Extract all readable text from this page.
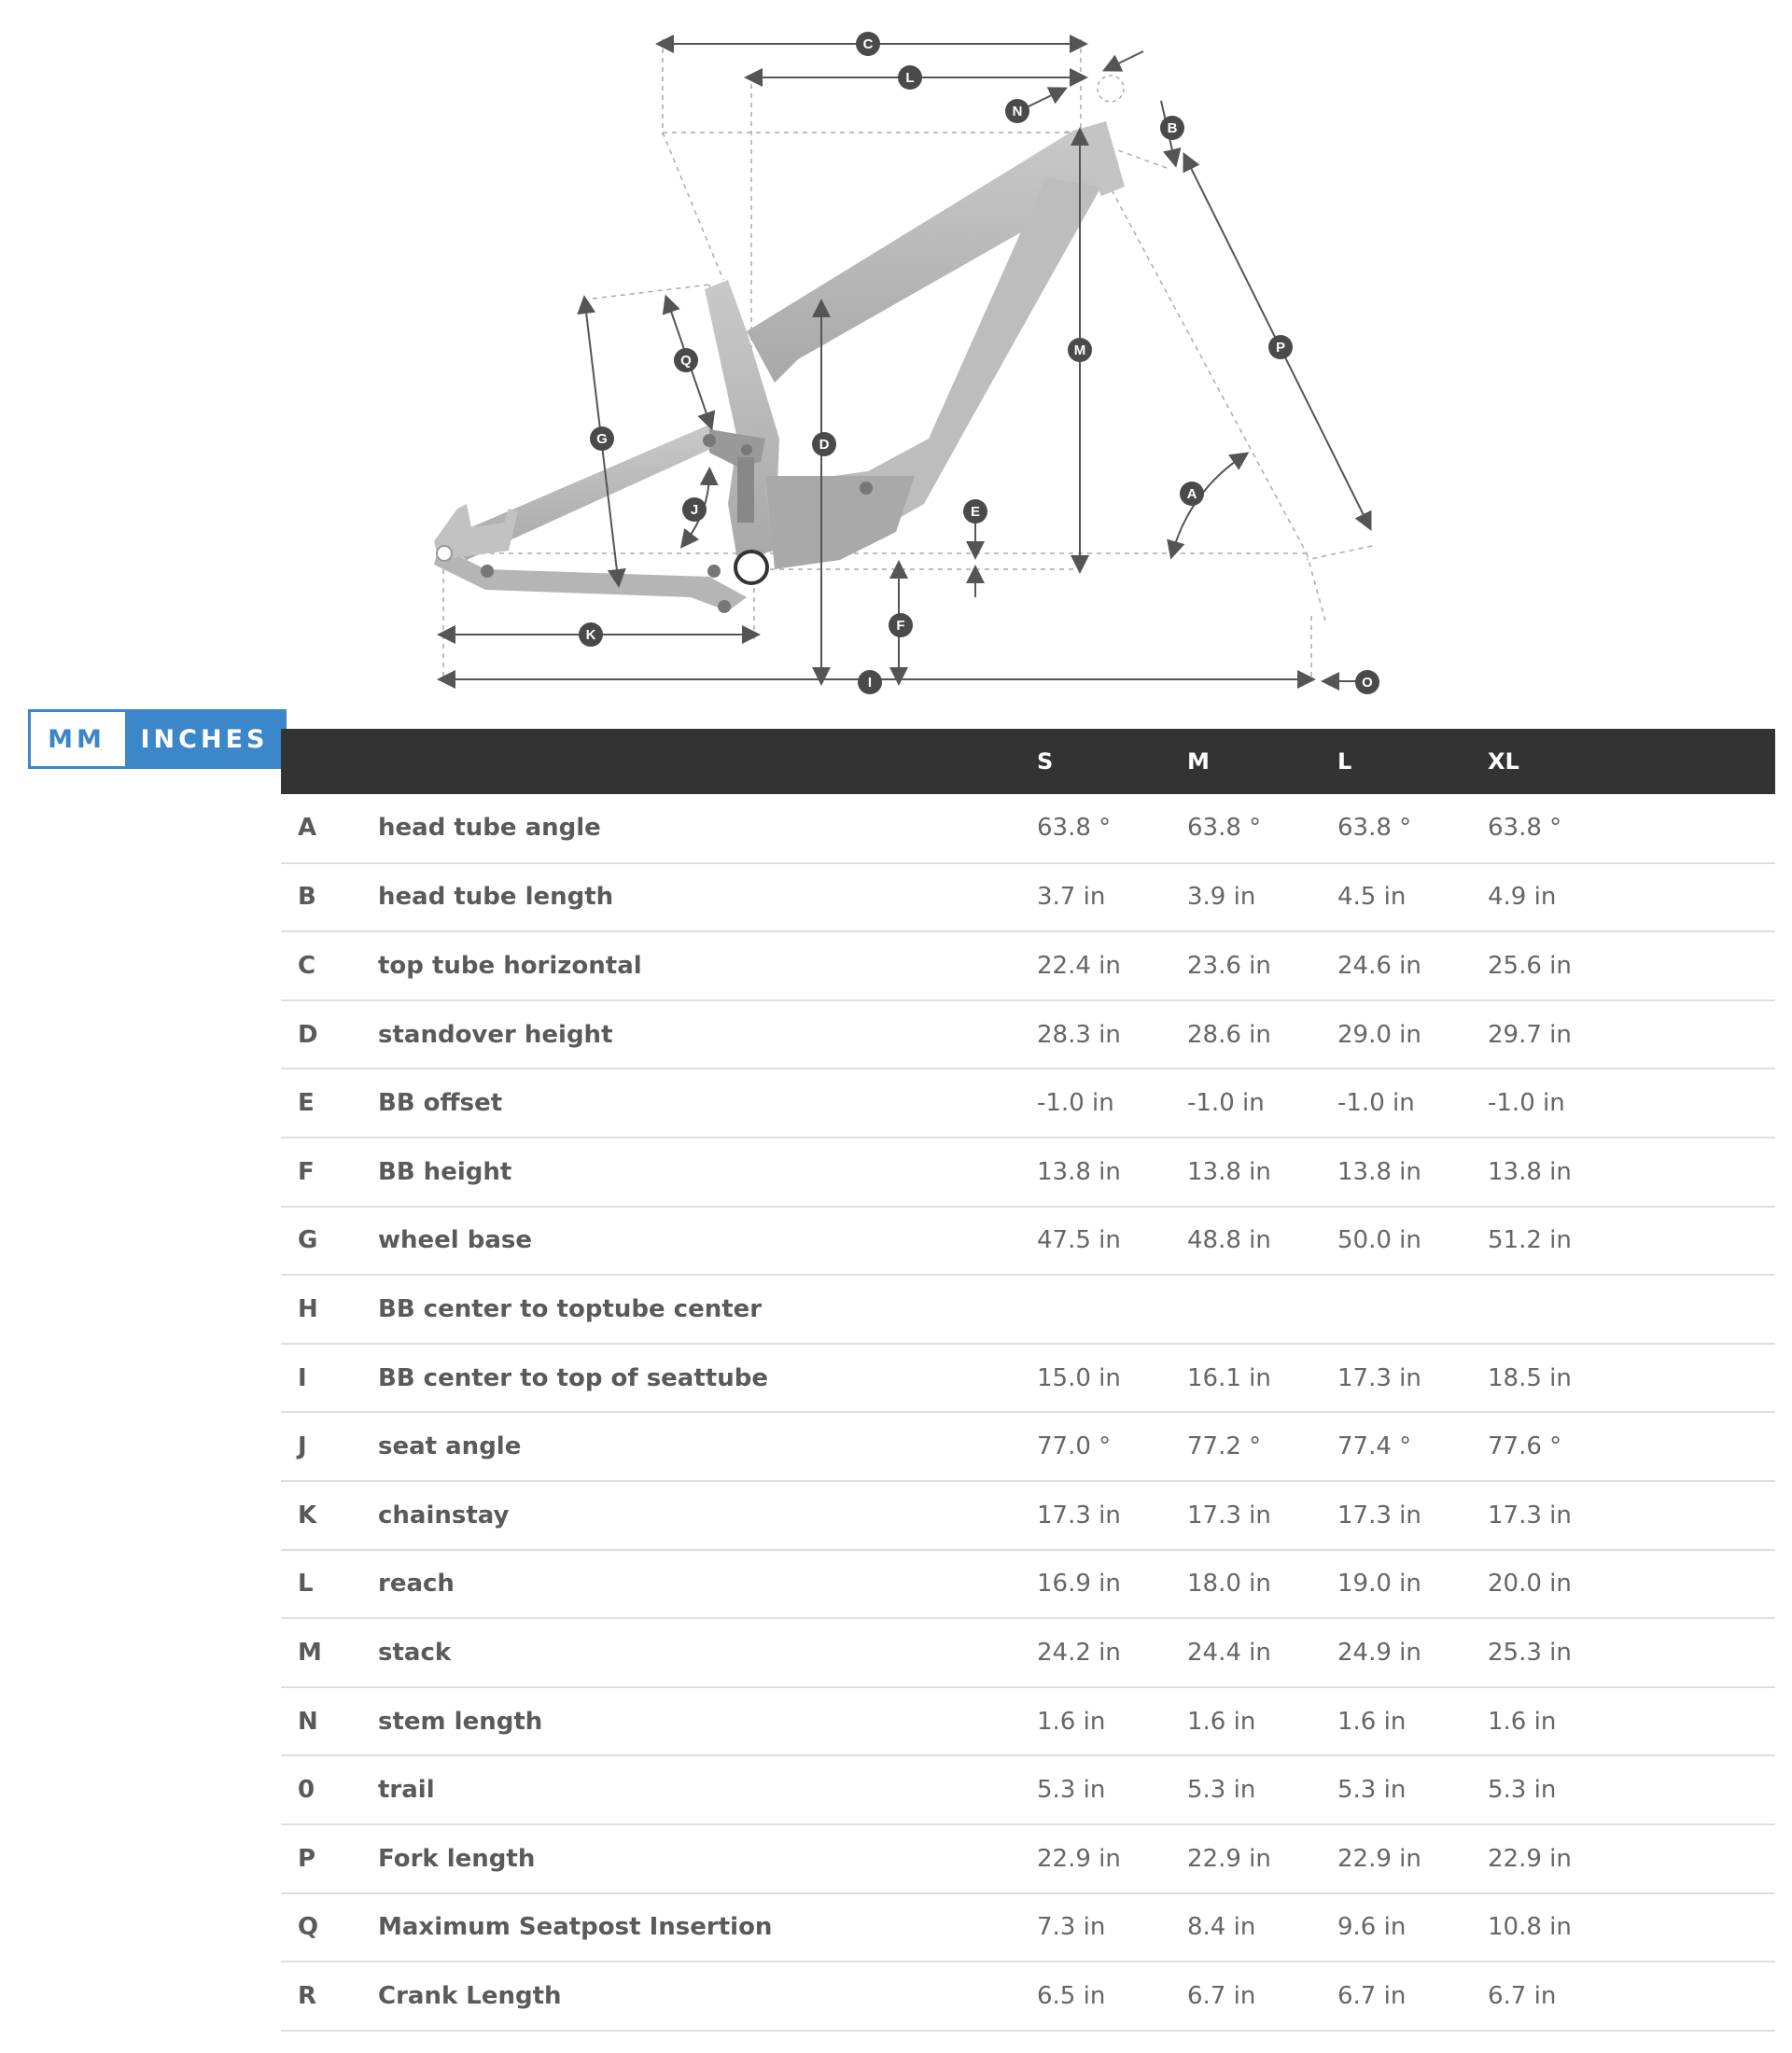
C
L
N
B
M	P
Q
G	D
A
J	E
F
K
I	O
MM	INCHES
		S	M	L	XL
A	head tube angle	63.8 °	63.8 °	63.8 °	63.8 °
B	head tube length	3.7 in	3.9 in	4.5 in	4.9 in
C	top tube horizontal	22.4 in	23.6 in	24.6 in	25.6 in
D	standover height	28.3 in	28.6 in	29.0 in	29.7 in
E	BB offset	-1.0 in	-1.0 in	-1.0 in	-1.0 in
F	BB height	13.8 in	13.8 in	13.8 in	13.8 in
G	wheel base	47.5 in	48.8 in	50.0 in	51.2 in
H	BB center to toptube center				
I	BB center to top of seattube	15.0 in	16.1 in	17.3 in	18.5 in
J	seat angle	77.0 °	77.2 °	77.4 °	77.6 °
K	chainstay	17.3 in	17.3 in	17.3 in	17.3 in
L	reach	16.9 in	18.0 in	19.0 in	20.0 in
M	stack	24.2 in	24.4 in	24.9 in	25.3 in
N	stem length	1.6 in	1.6 in	1.6 in	1.6 in
0	trail	5.3 in	5.3 in	5.3 in	5.3 in
P	Fork length	22.9 in	22.9 in	22.9 in	22.9 in
Q	Maximum Seatpost Insertion	7.3 in	8.4 in	9.6 in	10.8 in
R	Crank Length	6.5 in	6.7 in	6.7 in	6.7 in
